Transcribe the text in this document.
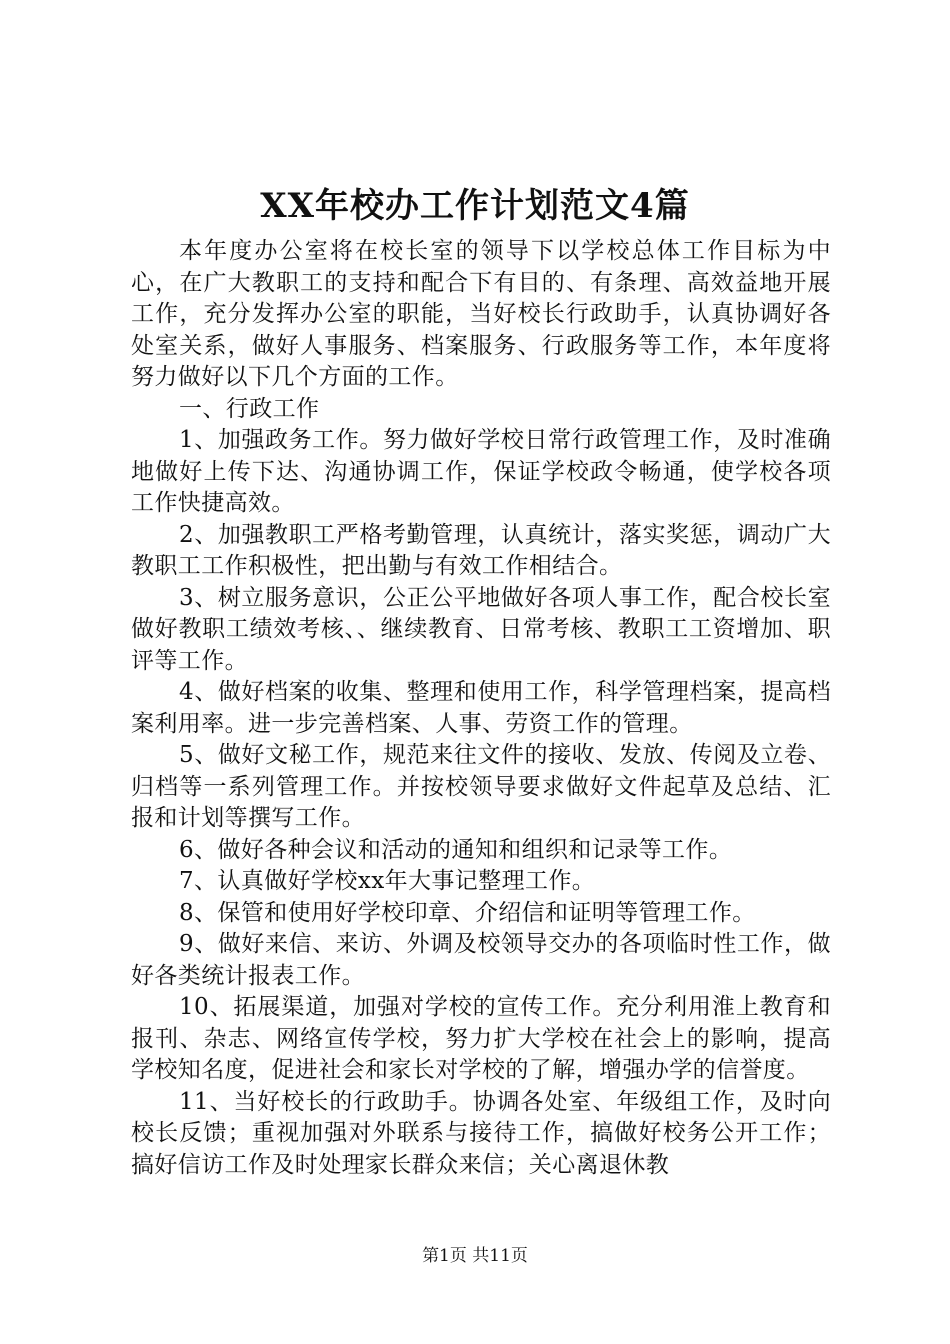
XX年校办工作计划范文4篇

本年度办公室将在校长室的领导下以学校总体工作目标为中心，在广大教职工的支持和配合下有目的、有条理、高效益地开展工作，充分发挥办公室的职能，当好校长行政助手，认真协调好各处室关系，做好人事服务、档案服务、行政服务等工作，本年度将努力做好以下几个方面的工作。

一、行政工作

1、加强政务工作。努力做好学校日常行政管理工作，及时准确地做好上传下达、沟通协调工作，保证学校政令畅通，使学校各项工作快捷高效。

2、加强教职工严格考勤管理，认真统计，落实奖惩，调动广大教职工工作积极性，把出勤与有效工作相结合。

3、树立服务意识，公正公平地做好各项人事工作，配合校长室做好教职工绩效考核、、继续教育、日常考核、教职工工资增加、职评等工作。

4、做好档案的收集、整理和使用工作，科学管理档案，提高档案利用率。进一步完善档案、人事、劳资工作的管理。

5、做好文秘工作，规范来往文件的接收、发放、传阅及立卷、归档等一系列管理工作。并按校领导要求做好文件起草及总结、汇报和计划等撰写工作。

6、做好各种会议和活动的通知和组织和记录等工作。

7、认真做好学校xx年大事记整理工作。

8、保管和使用好学校印章、介绍信和证明等管理工作。

9、做好来信、来访、外调及校领导交办的各项临时性工作，做好各类统计报表工作。

10、拓展渠道，加强对学校的宣传工作。充分利用淮上教育和报刊、杂志、网络宣传学校，努力扩大学校在社会上的影响，提高学校知名度，促进社会和家长对学校的了解，增强办学的信誉度。

11、当好校长的行政助手。协调各处室、年级组工作，及时向校长反馈；重视加强对外联系与接待工作，搞做好校务公开工作；搞好信访工作及时处理家长群众来信；关心离退休教

第1页 共11页
